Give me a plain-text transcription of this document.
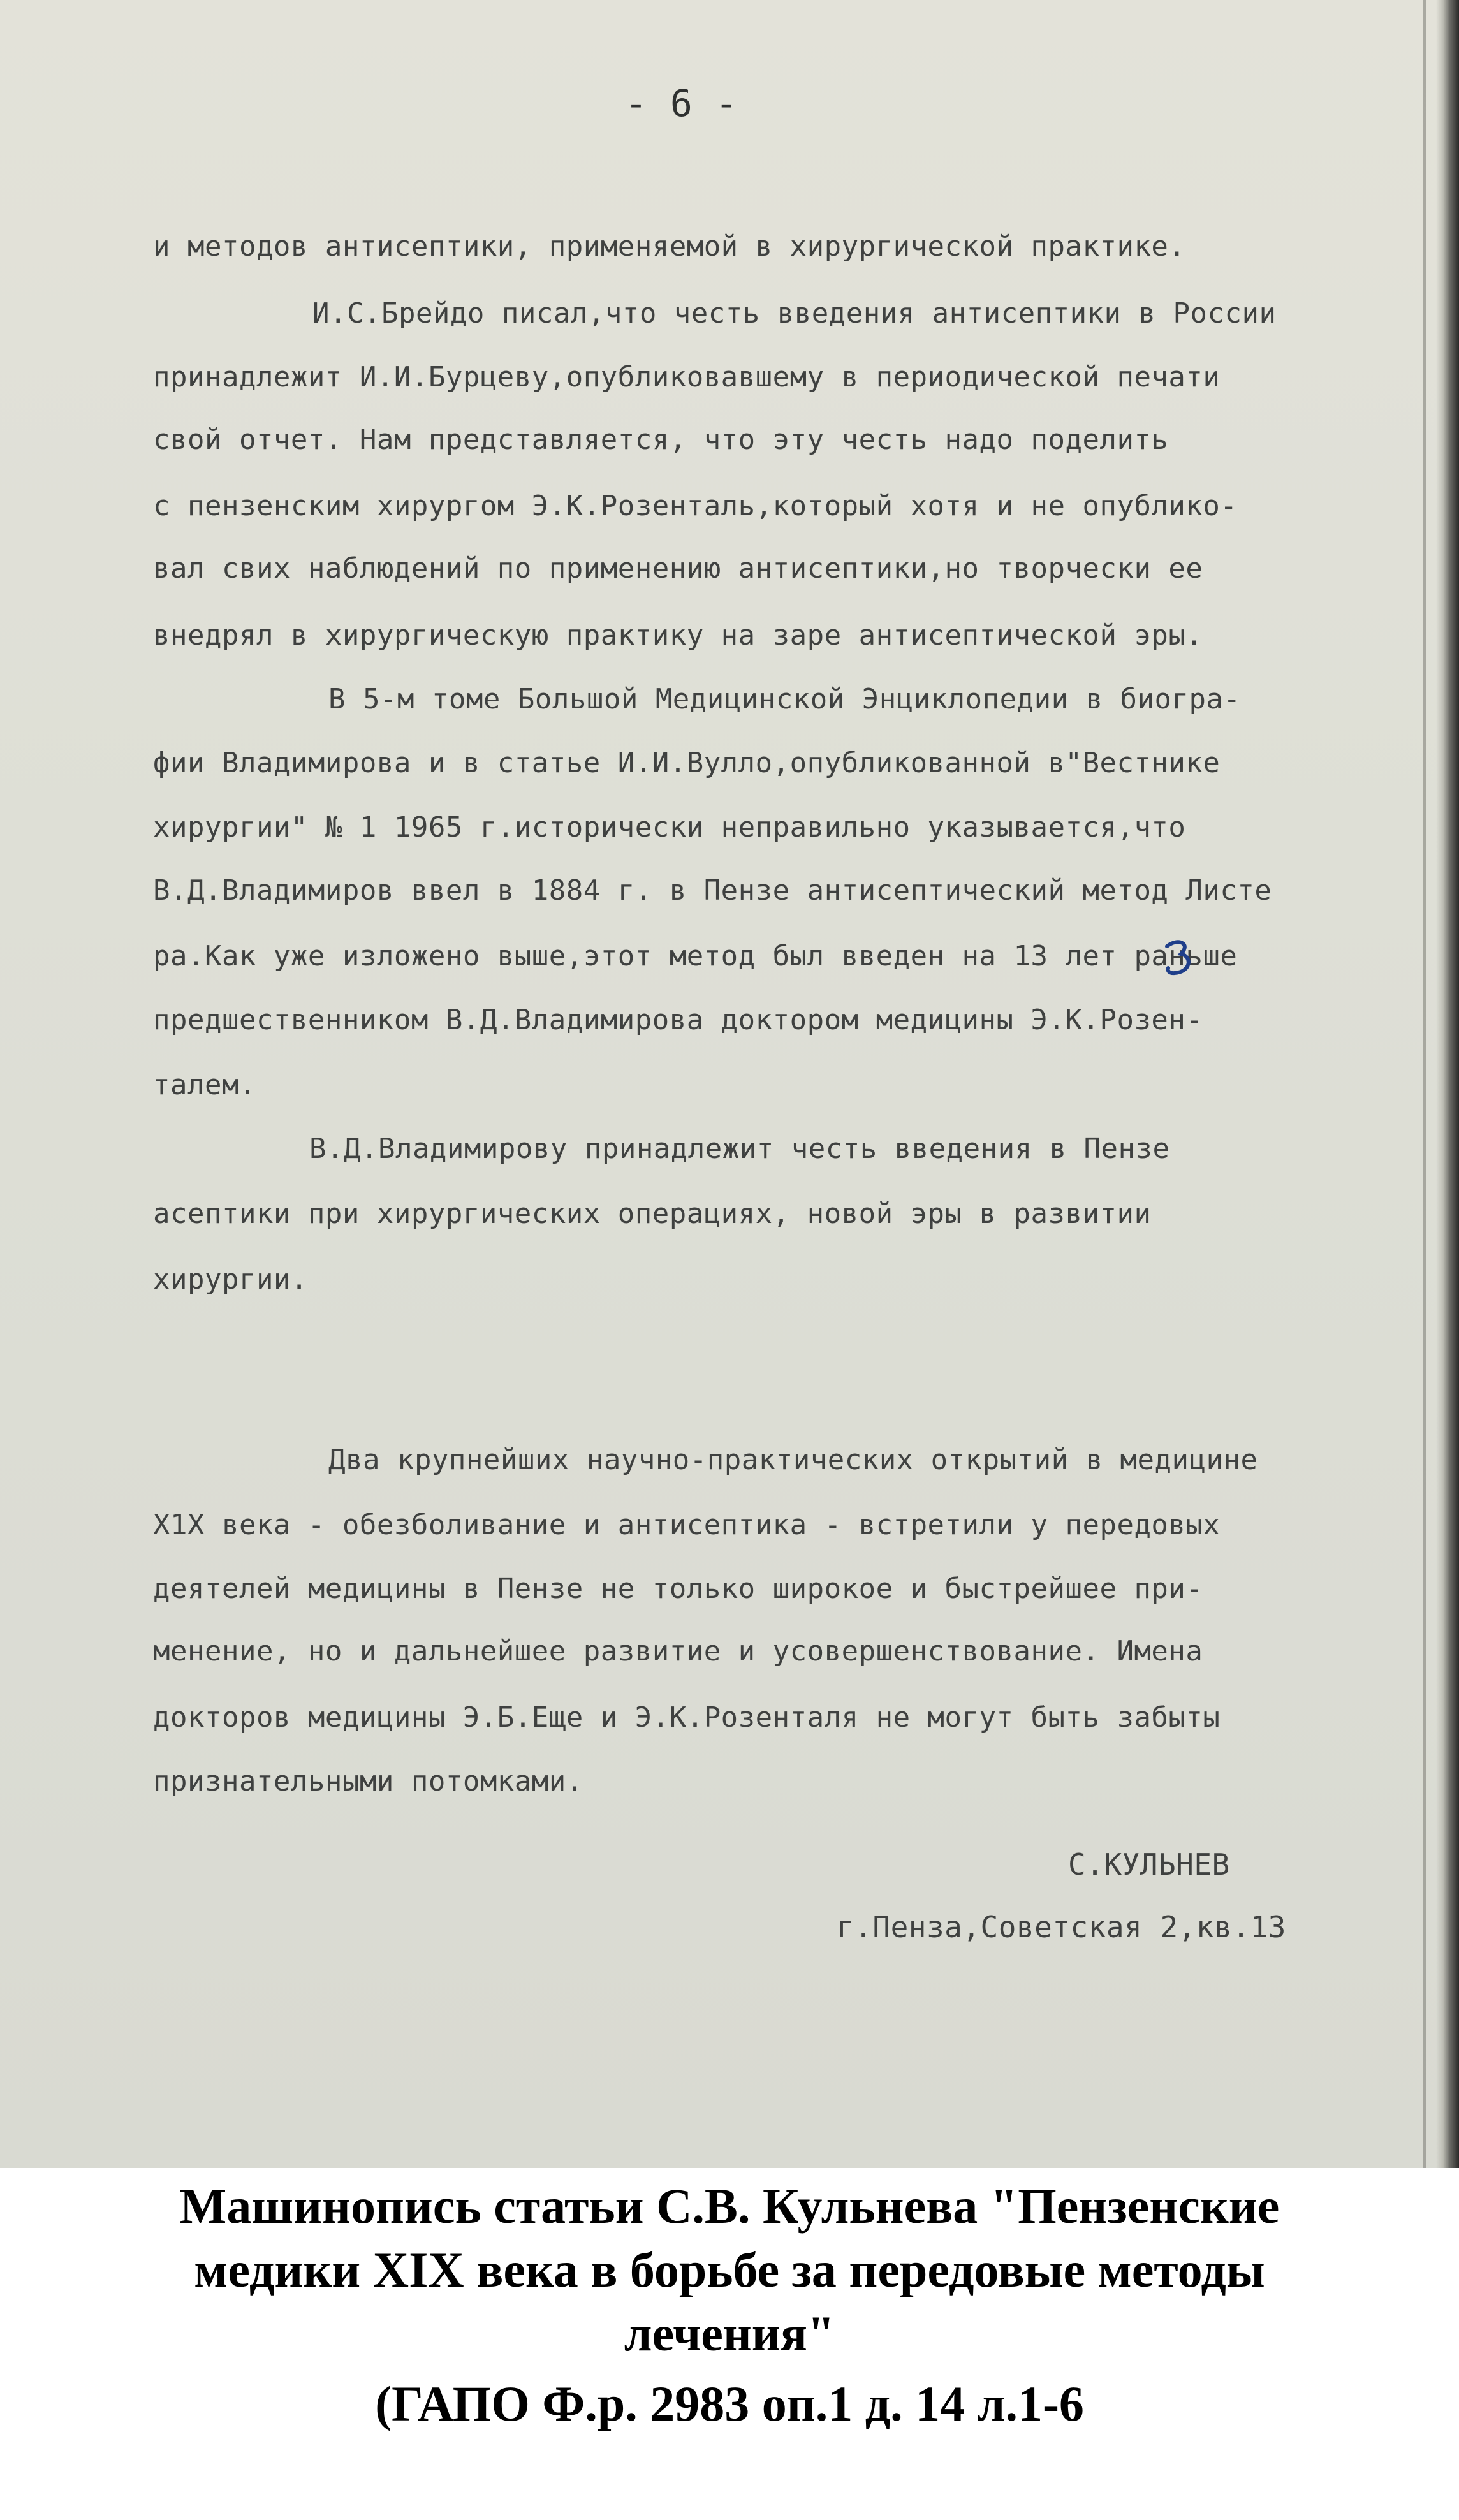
- 6 -
и методов антисептики, применяемой в хирургической практике.
И.С.Брейдо писал,что честь введения антисептики в России
принадлежит И.И.Бурцеву,опубликовавшему в периодической печати
свой отчет. Нам представляется, что эту честь надо поделить
с пензенским хирургом Э.К.Розенталь,который хотя и не опублико-
вал свих наблюдений по применению антисептики,но творчески ее
внедрял в хирургическую практику на заре антисептической эры.
В 5-м томе Большой Медицинской Энциклопедии в биогра-
фии Владимирова и в статье И.И.Вулло,опубликованной в"Вестнике
хирургии" № 1 1965 г.исторически неправильно указывается,что
В.Д.Владимиров ввел в 1884 г. в Пензе антисептический метод Листе
ра.Как уже изложено выше,этот метод был введен на 13 лет раньше
предшественником В.Д.Владимирова доктором медицины Э.К.Розен-
талем.
В.Д.Владимирову принадлежит честь введения в Пензе
асептики при хирургических операциях, новой эры в развитии
хирургии.
Два крупнейших научно-практических открытий в медицине
Х1Х века - обезболивание и антисептика - встретили у передовых
деятелей медицины в Пензе не только широкое и быстрейшее при-
менение, но и дальнейшее развитие и усовершенствование. Имена
докторов медицины Э.Б.Еще и Э.К.Розенталя не могут быть забыты
признательными потомками.
С.КУЛЬНЕВ
г.Пенза,Советская 2,кв.13
Машинопись статьи С.В. Кульнева "Пензенские
медики XIX века в борьбе за передовые методы
лечения"
(ГАПО Ф.р. 2983 оп.1 д. 14 л.1-6
